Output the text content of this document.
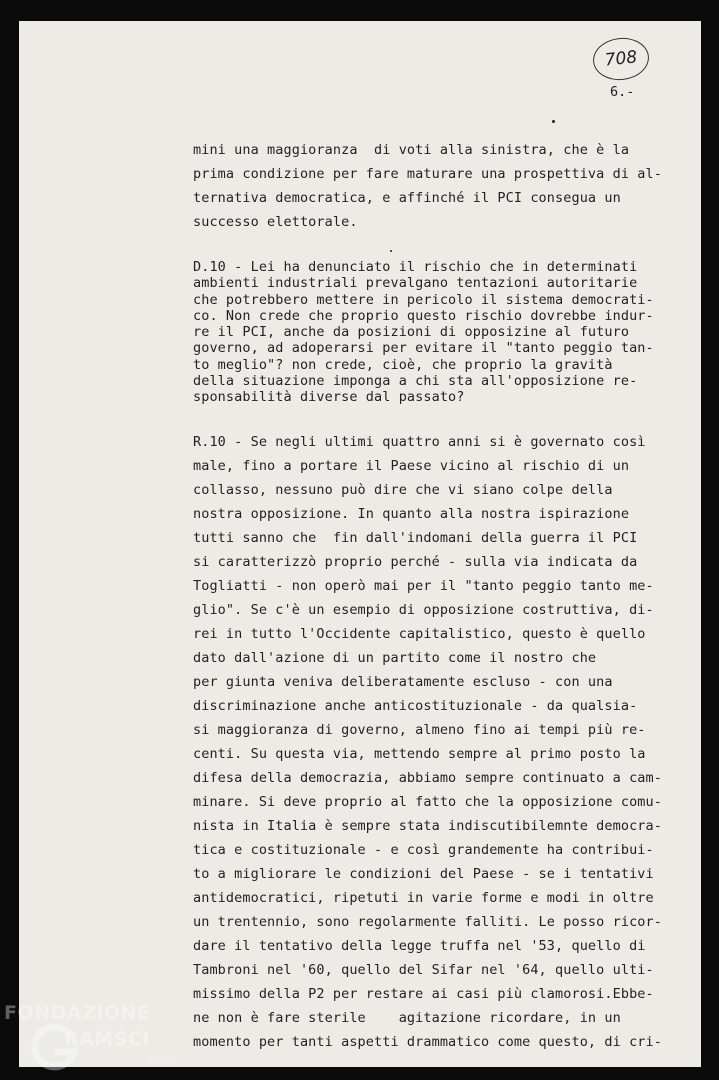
708
6.-

mini una maggioranza  di voti alla sinistra, che è la
prima condizione per fare maturare una prospettiva di al-
ternativa democratica, e affinché il PCI consegua un
successo elettorale.

D.10 - Lei ha denunciato il rischio che in determinati
ambienti industriali prevalgano tentazioni autoritarie
che potrebbero mettere in pericolo il sistema democrati-
co. Non crede che proprio questo rischio dovrebbe indur-
re il PCI, anche da posizioni di opposizine al futuro
governo, ad adoperarsi per evitare il "tanto peggio tan-
to meglio"? non crede, cioè, che proprio la gravità
della situazione imponga a chi sta all'opposizione re-
sponsabilità diverse dal passato?

R.10 - Se negli ultimi quattro anni si è governato così
male, fino a portare il Paese vicino al rischio di un
collasso, nessuno può dire che vi siano colpe della
nostra opposizione. In quanto alla nostra ispirazione
tutti sanno che  fin dall'indomani della guerra il PCI
si caratterizzò proprio perché - sulla via indicata da
Togliatti - non operò mai per il "tanto peggio tanto me-
glio". Se c'è un esempio di opposizione costruttiva, di-
rei in tutto l'Occidente capitalistico, questo è quello
dato dall'azione di un partito come il nostro che
per giunta veniva deliberatamente escluso - con una
discriminazione anche anticostituzionale - da qualsia-
si maggioranza di governo, almeno fino ai tempi più re-
centi. Su questa via, mettendo sempre al primo posto la
difesa della democrazia, abbiamo sempre continuato a cam-
minare. Si deve proprio al fatto che la opposizione comu-
nista in Italia è sempre stata indiscutibilemnte democra-
tica e costituzionale - e così grandemente ha contribui-
to a migliorare le condizioni del Paese - se i tentativi
antidemocratici, ripetuti in varie forme e modi in oltre
un trentennio, sono regolarmente falliti. Le posso ricor-
dare il tentativo della legge truffa nel '53, quello di
Tambroni nel '60, quello del Sifar nel '64, quello ulti-
missimo della P2 per restare ai casi più clamorosi.Ebbe-
ne non è fare sterile    agitazione ricordare, in un
momento per tanti aspetti drammatico come questo, di cri-

FONDAZIONE
RAMSCI
onlus
